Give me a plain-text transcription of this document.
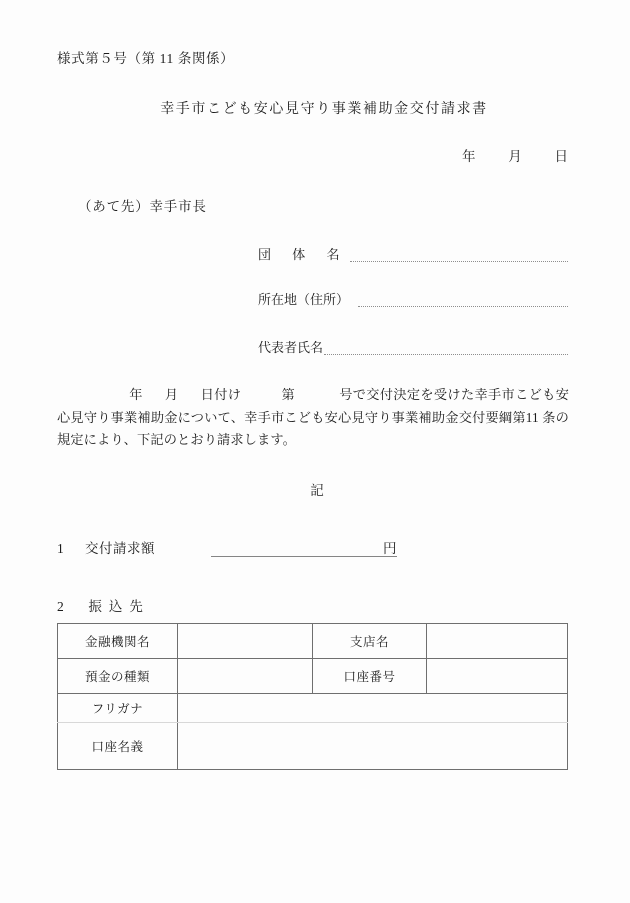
様式第５号（第 11 条関係）
幸手市こども安心見守り事業補助金交付請求書
年 月 日
（あて先）幸手市長
団 体 名
所在地（住所）
代表者氏名
年 月 日付け	第	号で交付決定を受けた幸手市こども安心見守り事業補助金について、幸手市こども安心見守り事業補助金交付要綱第11 条の規定により、下記のとおり請求します。
記
1	交付請求額	円
2 振込先
金融機関名		支店名	
預金の種類		口座番号	
フリガナ			
口座名義			
